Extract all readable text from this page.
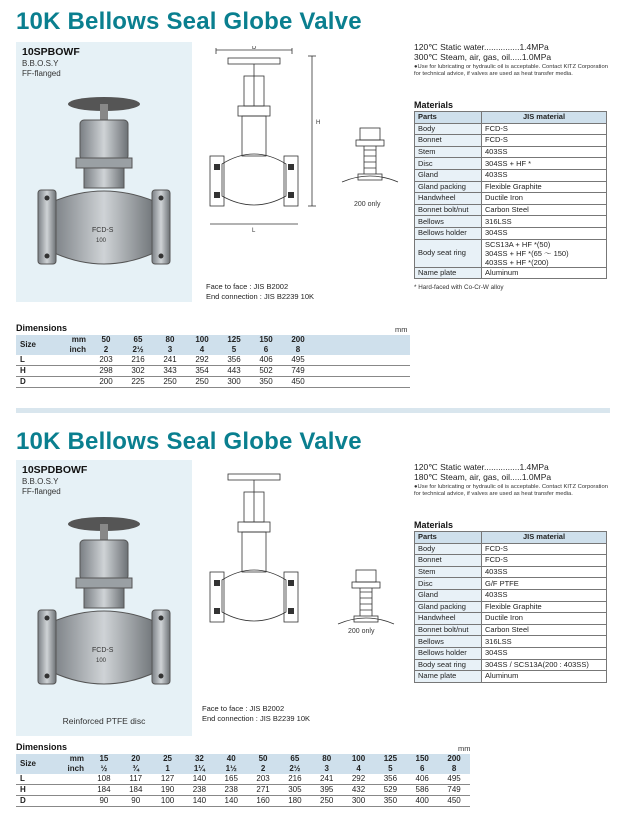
10K Bellows Seal Globe Valve
10SPBOWF
B.B.O.S.Y
FF-flanged
FCD-S
100
D
H
L
200 only
Face to face : JIS B2002
End connection : JIS B2239 10K
120℃ Static water...............1.4MPa
300℃ Steam, air, gas, oil.....1.0MPa
●Use for lubricating or hydraulic oil is acceptable. Contact KITZ Corporation for technical advice, if valves are used as heat transfer media.
Materials
Parts	JIS material
Body	FCD-S
Bonnet	FCD-S
Stem	403SS
Disc	304SS + HF *
Gland	403SS
Gland packing	Flexible Graphite
Handwheel	Ductile Iron
Bonnet bolt/nut	Carbon Steel
Bellows	316LSS
Bellows holder	304SS
Body seat ring	SCS13A + HF *(50)
304SS + HF *(65 ～ 150)
403SS + HF *(200)

Name plate	Aluminum
* Hard-faced with Co-Cr-W alloy
Dimensions	mm
Size	mm	50	65	80	100	125	150	200	
	inch	2	2½	3	4	5	6	8	
L		203	216	241	292	356	406	495	
H		298	302	343	354	443	502	749	
D		200	225	250	250	300	350	450	
10K Bellows Seal Globe Valve
10SPDBOWF
B.B.O.S.Y
FF-flanged
FCD-S
100
Reinforced PTFE disc
200 only
Face to face : JIS B2002
End connection : JIS B2239 10K
120℃ Static water...............1.4MPa
180℃ Steam, air, gas, oil.....1.0MPa
●Use for lubricating or hydraulic oil is acceptable. Contact KITZ Corporation for technical advice, if valves are used as heat transfer media.
Materials
Parts	JIS material
Body	FCD-S
Bonnet	FCD-S
Stem	403SS
Disc	G/F PTFE
Gland	403SS
Gland packing	Flexible Graphite
Handwheel	Ductile Iron
Bonnet bolt/nut	Carbon Steel
Bellows	316LSS
Bellows holder	304SS
Body seat ring	304SS / SCS13A(200 : 403SS)
Name plate	Aluminum
Dimensions	mm
Size	mm	15	20	25	32	40	50	65	80	100	125	150	200	
	inch	½	¾	1	1¼	1½	2	2½	3	4	5	6	8	
L		108	117	127	140	165	203	216	241	292	356	406	495	
H		184	184	190	238	238	271	305	395	432	529	586	749	
D		90	90	100	140	140	160	180	250	300	350	400	450	
